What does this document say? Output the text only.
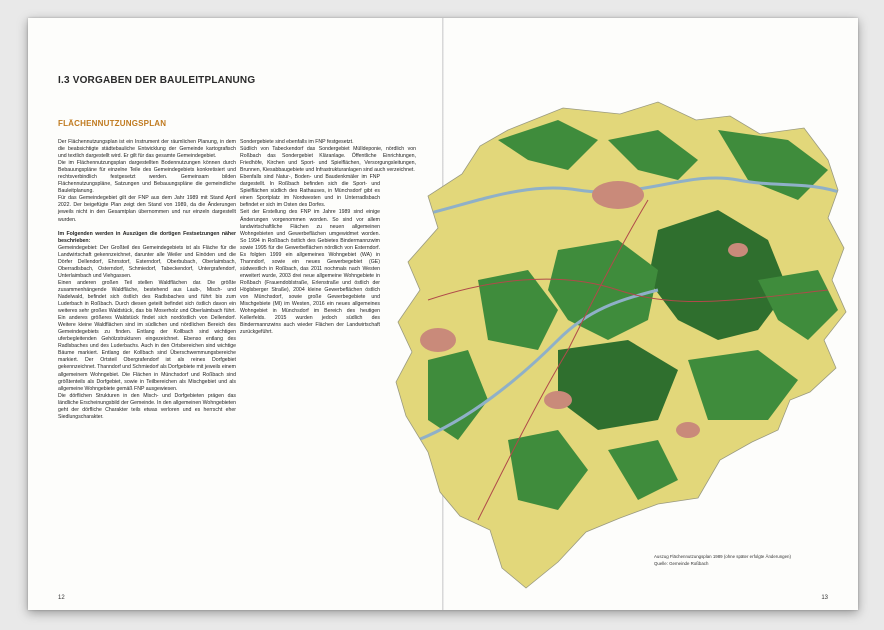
I.3 VORGABEN DER BAULEITPLANUNG
FLÄCHENNUTZUNGSPLAN

Der Flächennutzungsplan ist ein Instrument der räumlichen Planung, in dem die beabsichtigte städtebauliche Entwicklung der Gemeinde kartografisch und textlich dargestellt wird. Er gilt für das gesamte Gemeindegebiet.

Die im Flächennutzungsplan dargestellten Bodennutzungen können durch Bebauungspläne für einzelne Teile des Gemeindegebiets konkretisiert und rechtsverbindlich festgesetzt werden. Gemeinsam bilden Flächennutzungspläne, Satzungen und Bebauungspläne die gemeindliche Bauleitplanung.

Für das Gemeindegebiet gilt der FNP aus dem Jahr 1989 mit Stand April 2022. Der beigefügte Plan zeigt den Stand von 1989, da die Änderungen jeweils nicht in den Gesamtplan übernommen und nur einzeln dargestellt wurden.

Im Folgenden werden in Auszügen die dortigen Festsetzungen näher beschrieben:

Gemeindegebiet: Der Großteil des Gemeindegebiets ist als Fläche für die Landwirtschaft gekennzeichnet, darunter alle Weiler und Einöden und die Dörfer Dellendorf, Ehrnstorf, Esterndorf, Oberbubach, Oberlaimbach, Oberradlsbach, Osterndorf, Schmiedorf, Tabeckendorf, Untergrafendorf, Unterlaimbach und Viehgassen.

Einen anderen großen Teil stellen Waldflächen dar. Die größte zusammenhängende Waldfläche, bestehend aus Laub-, Misch- und Nadelwald, befindet sich östlich des Radlsbaches und führt bis zum Luderbach in Roßbach. Durch diesen geteilt befindet sich östlich davon ein weiteres sehr großes Waldstück, das bis Moserholz und Oberlaimbach führt. Ein anderes größeres Waldstück findet sich nordöstlich von Dellendorf. Weitere kleine Waldflächen sind im südlichen und nördlichen Bereich des Gemeindegebiets zu finden. Entlang der Kollbach sind wichtigen uferbegleitenden Gehölzstrukturen eingezeichnet. Ebenso entlang des Radlsbaches und des Luderbachs. Auch in den Ortsbereichen sind wichtige Bäume markiert. Entlang der Kollbach sind Überschwemmungsbereiche markiert. Der Ortsteil Obergrafendorf ist als reines Dorfgebiet gekennzeichnet. Thanndorf und Schmiedorf als Dorfgebiete mit jeweils einem allgemeinem Wohngebiet. Die Flächen in Münchsdorf und Roßbach sind größtenteils als Dorfgebiet, sowie in Teilbereichen als Mischgebiet und als allgemeine Wohngebiete gemäß FNP ausgewiesen.

Die dörflichen Strukturen in den Misch- und Dorfgebieten prägen das ländliche Erscheinungsbild der Gemeinde. In den allgemeinen Wohngebieten geht der dörfliche Charakter teils etwas verloren und es herrscht eher Siedlungscharakter.

Sondergebiete sind ebenfalls im FNP festgesetzt.

Südlich von Tabeckendorf das Sondergebiet Mülldeponie, nördlich von Roßbach das Sondergebiet Kläranlage. Öffentliche Einrichtungen, Friedhöfe, Kirchen und Sport- und Spielflächen, Versorgungsleitungen, Brunnen, Kiesabbaugebiete und Infrastrukturanlagen sind auch verzeichnet.

Ebenfalls sind Natur-, Boden- und Baudenkmäler im FNP dargestellt. In Roßbach befinden sich die Sport- und Spielflächen südlich des Rathauses, in Münchsdorf gibt es einen Sportplatz im Nordwesten und in Unterradlsbach befindet er sich im Osten des Dorfes.

Seit der Erstellung des FNP im Jahre 1989 sind einige Änderungen vorgenommen worden. So sind vor allem landwirtschaftliche Flächen zu neuen allgemeinen Wohngebieten und Gewerbeflächen umgewidmet worden. So 1994 in Roßbach östlich des Gebietes Bindermannzwim sowie 1995 für die Gewerbeflächen nördlich von Esterndorf. Es folgten 1999 ein allgemeines Wohngebiet (WA) in Thanndorf, sowie ein neues Gewerbegebiet (GE) südwestlich in Roßbach, das 2011 nochmals nach Westen erweitert wurde, 2003 drei neue allgemeine Wohngebiete in Roßbach (Frauendoblstraße, Erlenstraße und östlich der Höglsberger Straße), 2004 kleine Gewerbeflächen östlich von Münchsdorf, sowie große Gewerbegebiete und Mischgebiete (MI) im Westen, 2016 ein neues allgemeines Wohngebiet in Münchsdorf im Bereich des heutigen Kellerfelds. 2015 wurden jedoch südlich des Bindermannzwins auch wieder Flächen der Landwirtschaft zurückgeführt.

Auszug Flächennutzungsplan 1989 (ohne später erfolgte Änderungen)
Quelle: Gemeinde Roßbach
12	13
